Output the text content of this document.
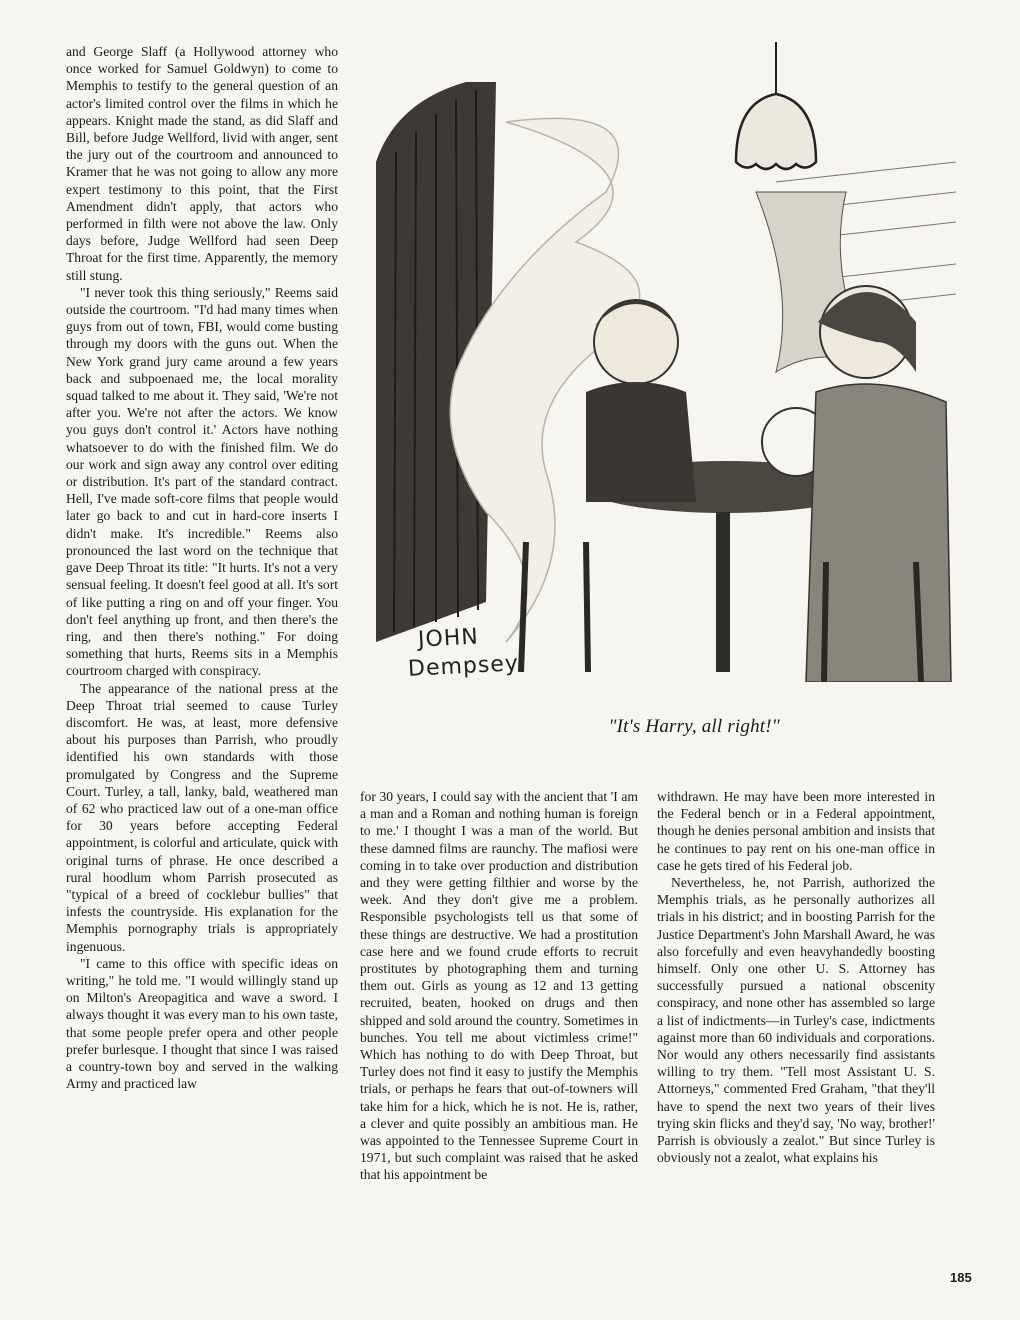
and George Slaff (a Hollywood attorney who once worked for Samuel Goldwyn) to come to Memphis to testify to the general question of an actor's limited control over the films in which he appears. Knight made the stand, as did Slaff and Bill, before Judge Wellford, livid with anger, sent the jury out of the courtroom and announced to Kramer that he was not going to allow any more expert testimony to this point, that the First Amendment didn't apply, that actors who performed in filth were not above the law. Only days before, Judge Wellford had seen Deep Throat for the first time. Apparently, the memory still stung.

"I never took this thing seriously," Reems said outside the courtroom. "I'd had many times when guys from out of town, FBI, would come busting through my doors with the guns out. When the New York grand jury came around a few years back and subpoenaed me, the local morality squad talked to me about it. They said, 'We're not after you. We're not after the actors. We know you guys don't control it.' Actors have nothing whatsoever to do with the finished film. We do our work and sign away any control over editing or distribution. It's part of the standard contract. Hell, I've made soft-core films that people would later go back to and cut in hard-core inserts I didn't make. It's incredible." Reems also pronounced the last word on the technique that gave Deep Throat its title: "It hurts. It's not a very sensual feeling. It doesn't feel good at all. It's sort of like putting a ring on and off your finger. You don't feel anything up front, and then there's the ring, and then there's nothing." For doing something that hurts, Reems sits in a Memphis courtroom charged with conspiracy.

The appearance of the national press at the Deep Throat trial seemed to cause Turley discomfort. He was, at least, more defensive about his purposes than Parrish, who proudly identified his own standards with those promulgated by Congress and the Supreme Court. Turley, a tall, lanky, bald, weathered man of 62 who practiced law out of a one-man office for 30 years before accepting Federal appointment, is colorful and articulate, quick with original turns of phrase. He once described a rural hoodlum whom Parrish prosecuted as "typical of a breed of cocklebur bullies" that infests the countryside. His explanation for the Memphis pornography trials is appropriately ingenuous.

"I came to this office with specific ideas on writing," he told me. "I would willingly stand up on Milton's Areopagitica and wave a sword. I always thought it was every man to his own taste, that some people prefer opera and other people prefer burlesque. I thought that since I was raised a country-town boy and served in the walking Army and practiced law

JOHN
Dempsey
"It's Harry, all right!"

for 30 years, I could say with the ancient that 'I am a man and a Roman and nothing human is foreign to me.' I thought I was a man of the world. But these damned films are raunchy. The mafiosi were coming in to take over production and distribution and they were getting filthier and worse by the week. And they don't give me a problem. Responsible psychologists tell us that some of these things are destructive. We had a prostitution case here and we found crude efforts to recruit prostitutes by photographing them and turning them out. Girls as young as 12 and 13 getting recruited, beaten, hooked on drugs and then shipped and sold around the country. Sometimes in bunches. You tell me about victimless crime!" Which has nothing to do with Deep Throat, but Turley does not find it easy to justify the Memphis trials, or perhaps he fears that out-of-towners will take him for a hick, which he is not. He is, rather, a clever and quite possibly an ambitious man. He was appointed to the Tennessee Supreme Court in 1971, but such complaint was raised that he asked that his appointment be

withdrawn. He may have been more interested in the Federal bench or in a Federal appointment, though he denies personal ambition and insists that he continues to pay rent on his one-man office in case he gets tired of his Federal job.

Nevertheless, he, not Parrish, authorized the Memphis trials, as he personally authorizes all trials in his district; and in boosting Parrish for the Justice Department's John Marshall Award, he was also forcefully and even heavyhandedly boosting himself. Only one other U. S. Attorney has successfully pursued a national obscenity conspiracy, and none other has assembled so large a list of indictments—in Turley's case, indictments against more than 60 individuals and corporations. Nor would any others necessarily find assistants willing to try them. "Tell most Assistant U. S. Attorneys," commented Fred Graham, "that they'll have to spend the next two years of their lives trying skin flicks and they'd say, 'No way, brother!' Parrish is obviously a zealot." But since Turley is obviously not a zealot, what explains his

185
